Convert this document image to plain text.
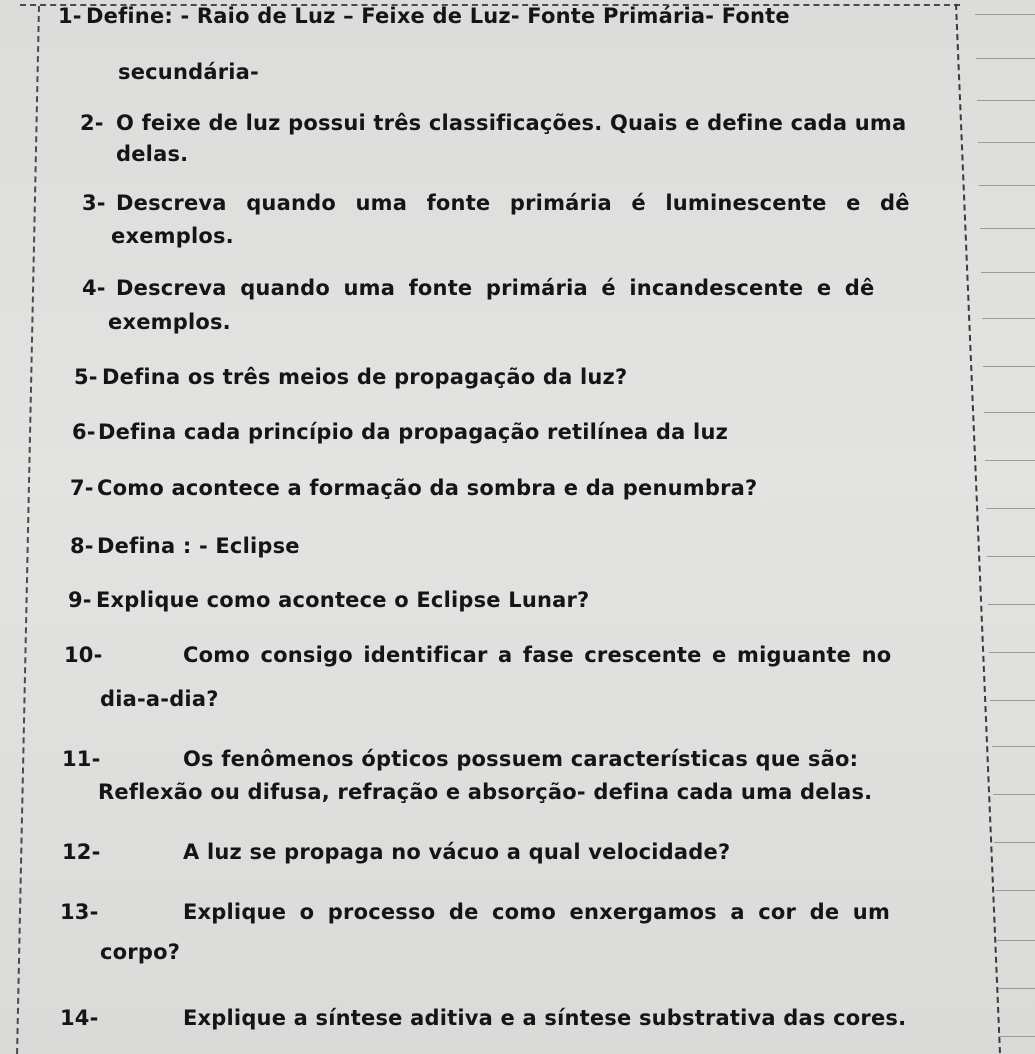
1- Define: - Raio de Luz – Feixe de Luz- Fonte Primária- Fonte
secundária-
2- O feixe de luz possui três classificações. Quais e define cada uma
delas.
3- Descreva quando uma fonte primária é luminescente e dê
exemplos.
4- Descreva quando uma fonte primária é incandescente e dê
exemplos.
5- Defina os três meios de propagação da luz?
6- Defina cada princípio da propagação retilínea da luz
7- Como acontece a formação da sombra e da penumbra?
8- Defina : - Eclipse
9- Explique como acontece o Eclipse Lunar?
10-	Como consigo identificar a fase crescente e miguante no
dia-a-dia?
11-	Os fenômenos ópticos possuem características que são:
Reflexão ou difusa, refração e absorção- defina cada uma delas.
12-	A luz se propaga no vácuo a qual velocidade?
13-	Explique o processo de como enxergamos a cor de um
corpo?
14-	Explique a síntese aditiva e a síntese substrativa das cores.
